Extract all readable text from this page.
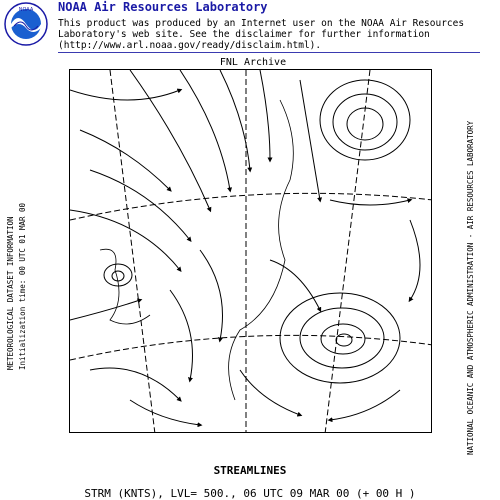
NOAA NOAA Air Resources Laboratory
This product was produced by an Internet user on the NOAA Air Resources Laboratory's web site. See the disclaimer for further information (http://www.arl.noaa.gov/ready/disclaim.html).
FNL Archive
METEOROLOGICAL DATASET INFORMATION Initialization time: 00 UTC 01 MAR 00	NATIONAL OCEANIC AND ATMOSPHERIC ADMINISTRATION - AIR RESOURCES LABORATORY
STREAMLINES
STRM (KNTS), LVL= 500., 06 UTC 09 MAR 00 (+ 00 H )
